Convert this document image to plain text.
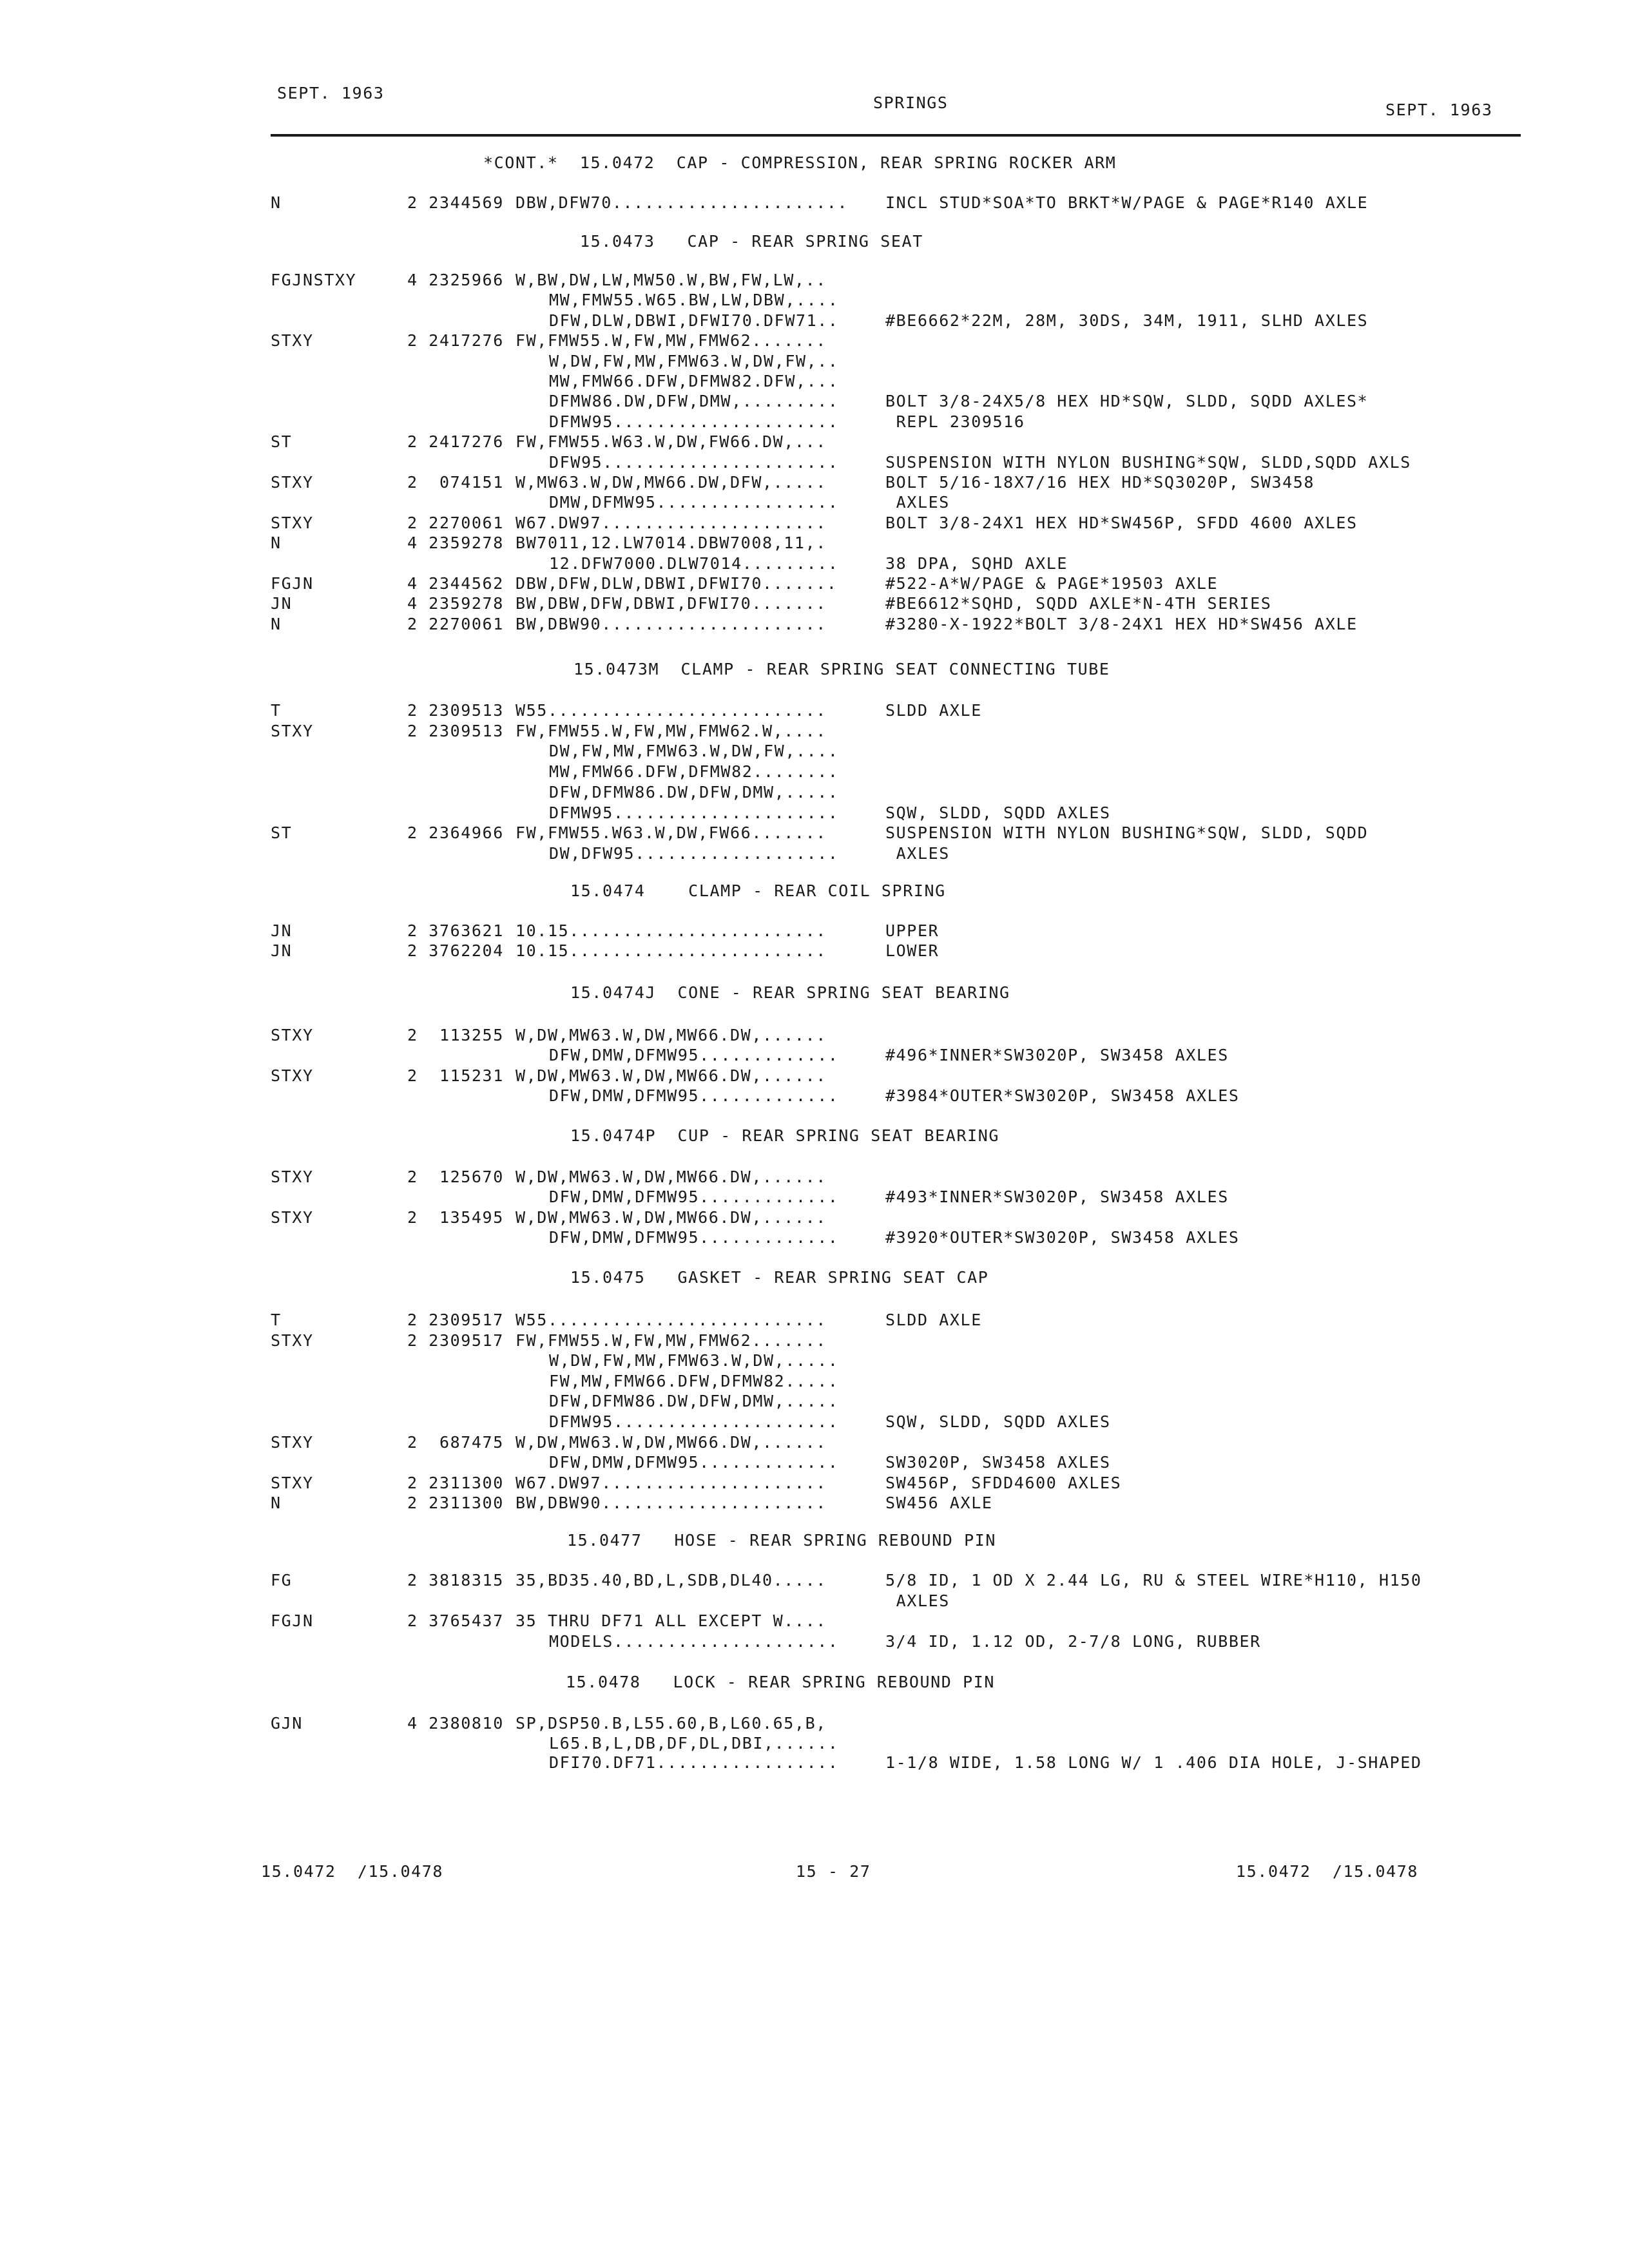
SEPT. 1963
SPRINGS	SEPT. 1963
*CONT.*  15.0472  CAP - COMPRESSION, REAR SPRING ROCKER ARM
N	2 2344569 DBW,DFW70...................... INCL STUD*SOA*TO BRKT*W/PAGE & PAGE*R140 AXLE
15.0473   CAP - REAR SPRING SEAT
FGJNSTXY	4 2325966 W,BW,DW,LW,MW50.W,BW,FW,LW,..
MW,FMW55.W65.BW,LW,DBW,....
DFW,DLW,DBWI,DFWI70.DFW71..	#BE6662*22M, 28M, 30DS, 34M, 1911, SLHD AXLES
STXY	2 2417276 FW,FMW55.W,FW,MW,FMW62.......
W,DW,FW,MW,FMW63.W,DW,FW,..
MW,FMW66.DFW,DFMW82.DFW,...
DFMW86.DW,DFW,DMW,.........	BOLT 3/8-24X5/8 HEX HD*SQW, SLDD, SQDD AXLES*
DFMW95.....................	REPL 2309516
ST	2 2417276 FW,FMW55.W63.W,DW,FW66.DW,...
DFW95......................	SUSPENSION WITH NYLON BUSHING*SQW, SLDD,SQDD AXLS
STXY	2  074151 W,MW63.W,DW,MW66.DW,DFW,.....	BOLT 5/16-18X7/16 HEX HD*SQ3020P, SW3458
DMW,DFMW95.................	AXLES
STXY	2 2270061 W67.DW97.....................	BOLT 3/8-24X1 HEX HD*SW456P, SFDD 4600 AXLES
N	4 2359278 BW7011,12.LW7014.DBW7008,11,.
12.DFW7000.DLW7014.........	38 DPA, SQHD AXLE
FGJN	4 2344562 DBW,DFW,DLW,DBWI,DFWI70.......	#522-A*W/PAGE & PAGE*19503 AXLE
JN	4 2359278 BW,DBW,DFW,DBWI,DFWI70.......	#BE6612*SQHD, SQDD AXLE*N-4TH SERIES
N	2 2270061 BW,DBW90.....................	#3280-X-1922*BOLT 3/8-24X1 HEX HD*SW456 AXLE
15.0473M  CLAMP - REAR SPRING SEAT CONNECTING TUBE
T	2 2309513 W55..........................	SLDD AXLE
STXY	2 2309513 FW,FMW55.W,FW,MW,FMW62.W,....
DW,FW,MW,FMW63.W,DW,FW,....
MW,FMW66.DFW,DFMW82........
DFW,DFMW86.DW,DFW,DMW,.....
DFMW95.....................	SQW, SLDD, SQDD AXLES
ST	2 2364966 FW,FMW55.W63.W,DW,FW66.......	SUSPENSION WITH NYLON BUSHING*SQW, SLDD, SQDD
DW,DFW95...................	AXLES
15.0474    CLAMP - REAR COIL SPRING
JN	2 3763621 10.15........................	UPPER
JN	2 3762204 10.15........................	LOWER
15.0474J  CONE - REAR SPRING SEAT BEARING
STXY	2  113255 W,DW,MW63.W,DW,MW66.DW,......
DFW,DMW,DFMW95.............	#496*INNER*SW3020P, SW3458 AXLES
STXY	2  115231 W,DW,MW63.W,DW,MW66.DW,......
DFW,DMW,DFMW95.............	#3984*OUTER*SW3020P, SW3458 AXLES
15.0474P  CUP - REAR SPRING SEAT BEARING
STXY	2  125670 W,DW,MW63.W,DW,MW66.DW,......
DFW,DMW,DFMW95.............	#493*INNER*SW3020P, SW3458 AXLES
STXY	2  135495 W,DW,MW63.W,DW,MW66.DW,......
DFW,DMW,DFMW95.............	#3920*OUTER*SW3020P, SW3458 AXLES
15.0475   GASKET - REAR SPRING SEAT CAP
T	2 2309517 W55..........................	SLDD AXLE
STXY	2 2309517 FW,FMW55.W,FW,MW,FMW62.......
W,DW,FW,MW,FMW63.W,DW,.....
FW,MW,FMW66.DFW,DFMW82.....
DFW,DFMW86.DW,DFW,DMW,.....
DFMW95.....................	SQW, SLDD, SQDD AXLES
STXY	2  687475 W,DW,MW63.W,DW,MW66.DW,......
DFW,DMW,DFMW95.............	SW3020P, SW3458 AXLES
STXY	2 2311300 W67.DW97.....................	SW456P, SFDD4600 AXLES
N	2 2311300 BW,DBW90.....................	SW456 AXLE
15.0477   HOSE - REAR SPRING REBOUND PIN
FG	2 3818315 35,BD35.40,BD,L,SDB,DL40.....	5/8 ID, 1 OD X 2.44 LG, RU & STEEL WIRE*H110, H150
AXLES
FGJN	2 3765437 35 THRU DF71 ALL EXCEPT W....
MODELS.....................	3/4 ID, 1.12 OD, 2-7/8 LONG, RUBBER
15.0478   LOCK - REAR SPRING REBOUND PIN
GJN	4 2380810 SP,DSP50.B,L55.60,B,L60.65,B,
L65.B,L,DB,DF,DL,DBI,......
DFI70.DF71.................	1-1/8 WIDE, 1.58 LONG W/ 1 .406 DIA HOLE, J-SHAPED
15.0472  /15.0478	15 - 27	15.0472  /15.0478
